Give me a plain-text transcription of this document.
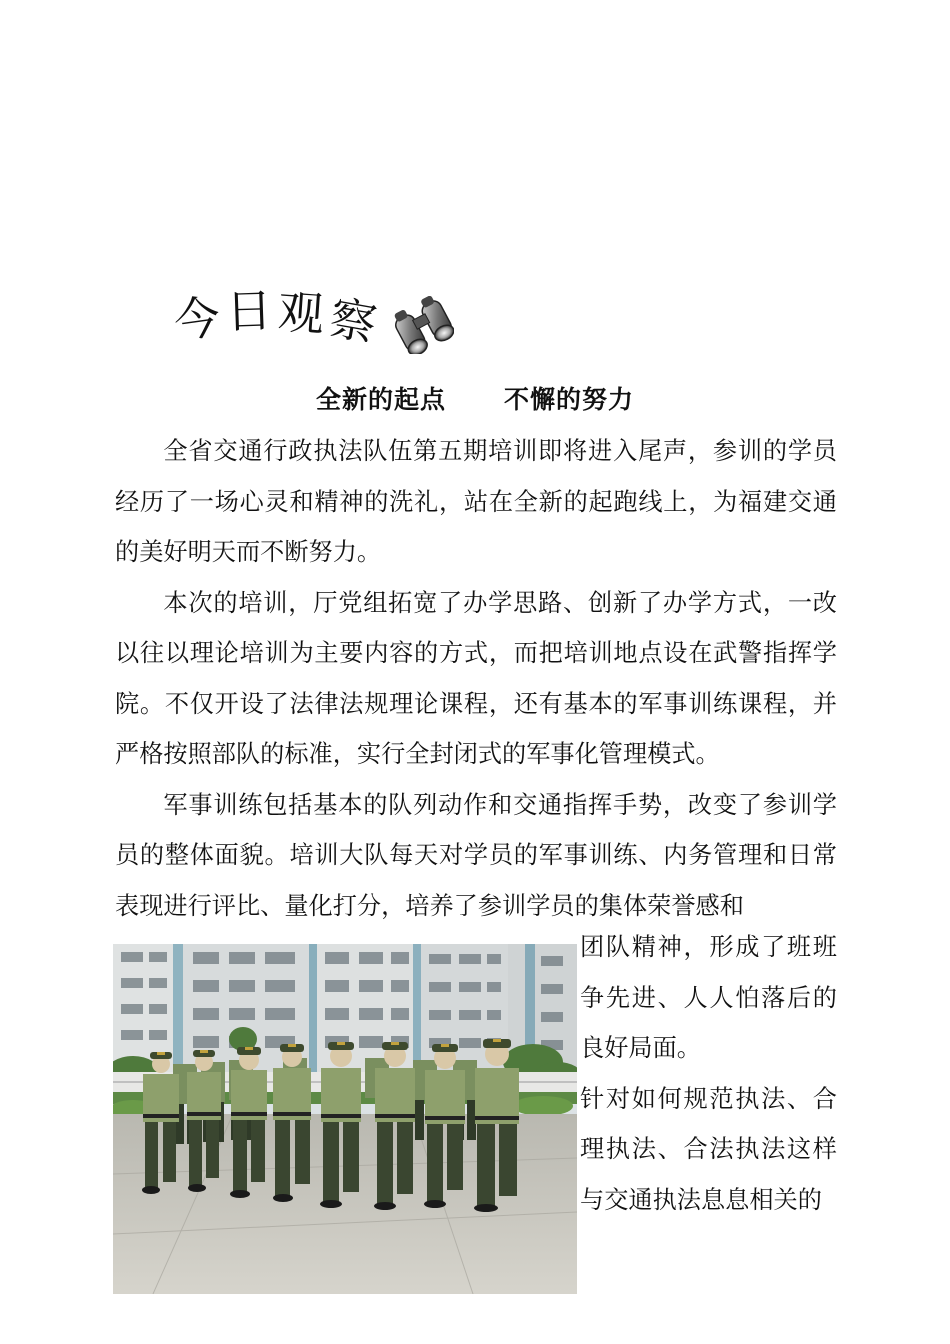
今 日 观 察
全新的起点 不懈的努力

全省交通行政执法队伍第五期培训即将进入尾声，参训的学员经历了一场心灵和精神的洗礼，站在全新的起跑线上，为福建交通的美好明天而不断努力。

本次的培训，厅党组拓宽了办学思路、创新了办学方式，一改以往以理论培训为主要内容的方式，而把培训地点设在武警指挥学院。不仅开设了法律法规理论课程，还有基本的军事训练课程，并严格按照部队的标准，实行全封闭式的军事化管理模式。

军事训练包括基本的队列动作和交通指挥手势，改变了参训学员的整体面貌。培训大队每天对学员的军事训练、内务管理和日常表现进行评比、量化打分，培养了参训学员的集体荣誉感和

团队精神，形成了班班争先进、人人怕落后的良好局面。

针对如何规范执法、合理执法、合法执法这样与交通执法息息相关的
